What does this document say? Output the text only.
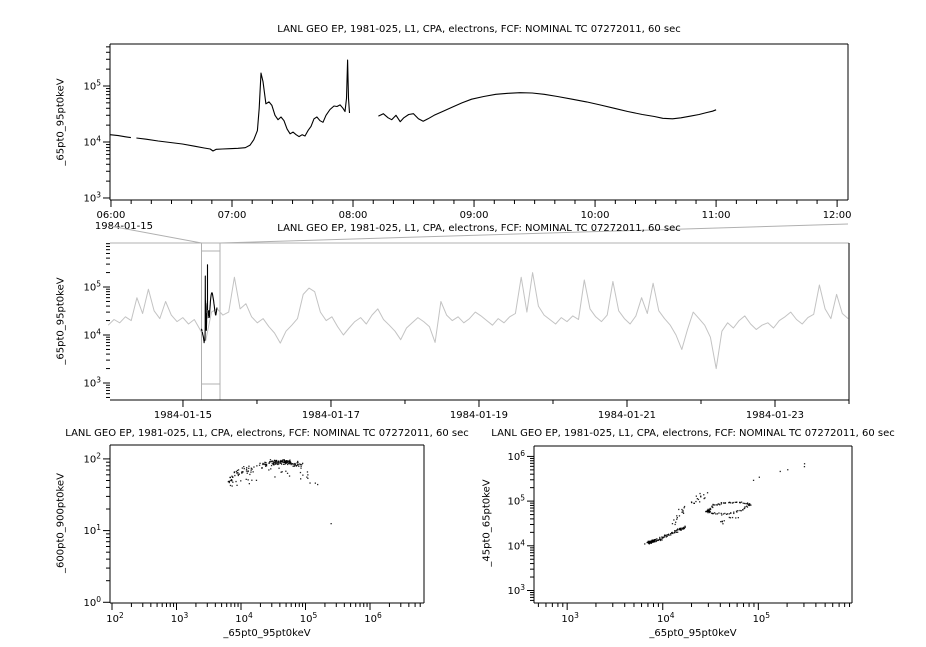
06:00	07:00	08:00	09:00	10:00	11:00	12:00
1984-01-15
$10^3$
$10^4$
$10^5$
1984-01-15	1984-01-17	1984-01-19	1984-01-21	1984-01-23
$10^3$
$10^4$
$10^5$
$10^2$	$10^3$	$10^4$	$10^5$	$10^6$
$10^0$
$10^1$
$10^2$
$10^3$	$10^4$	$10^5$
$10^3$
$10^4$
$10^5$
$10^6$
LANL GEO EP, 1981-025, L1, CPA, electrons, FCF: NOMINAL TC 07272011, 60 sec
LANL GEO EP, 1981-025, L1, CPA, electrons, FCF: NOMINAL TC 07272011, 60 sec
LANL GEO EP, 1981-025, L1, CPA, electrons, FCF: NOMINAL TC 07272011, 60 sec LANL GEO EP, 1981-025, L1, CPA, electrons, FCF: NOMINAL TC 07272011, 60 sec
_65pt0_95pt0keV
_65pt0_95pt0keV
_600pt0_900pt0keV	_45pt0_65pt0keV
_65pt0_95pt0keV	_65pt0_95pt0keV
